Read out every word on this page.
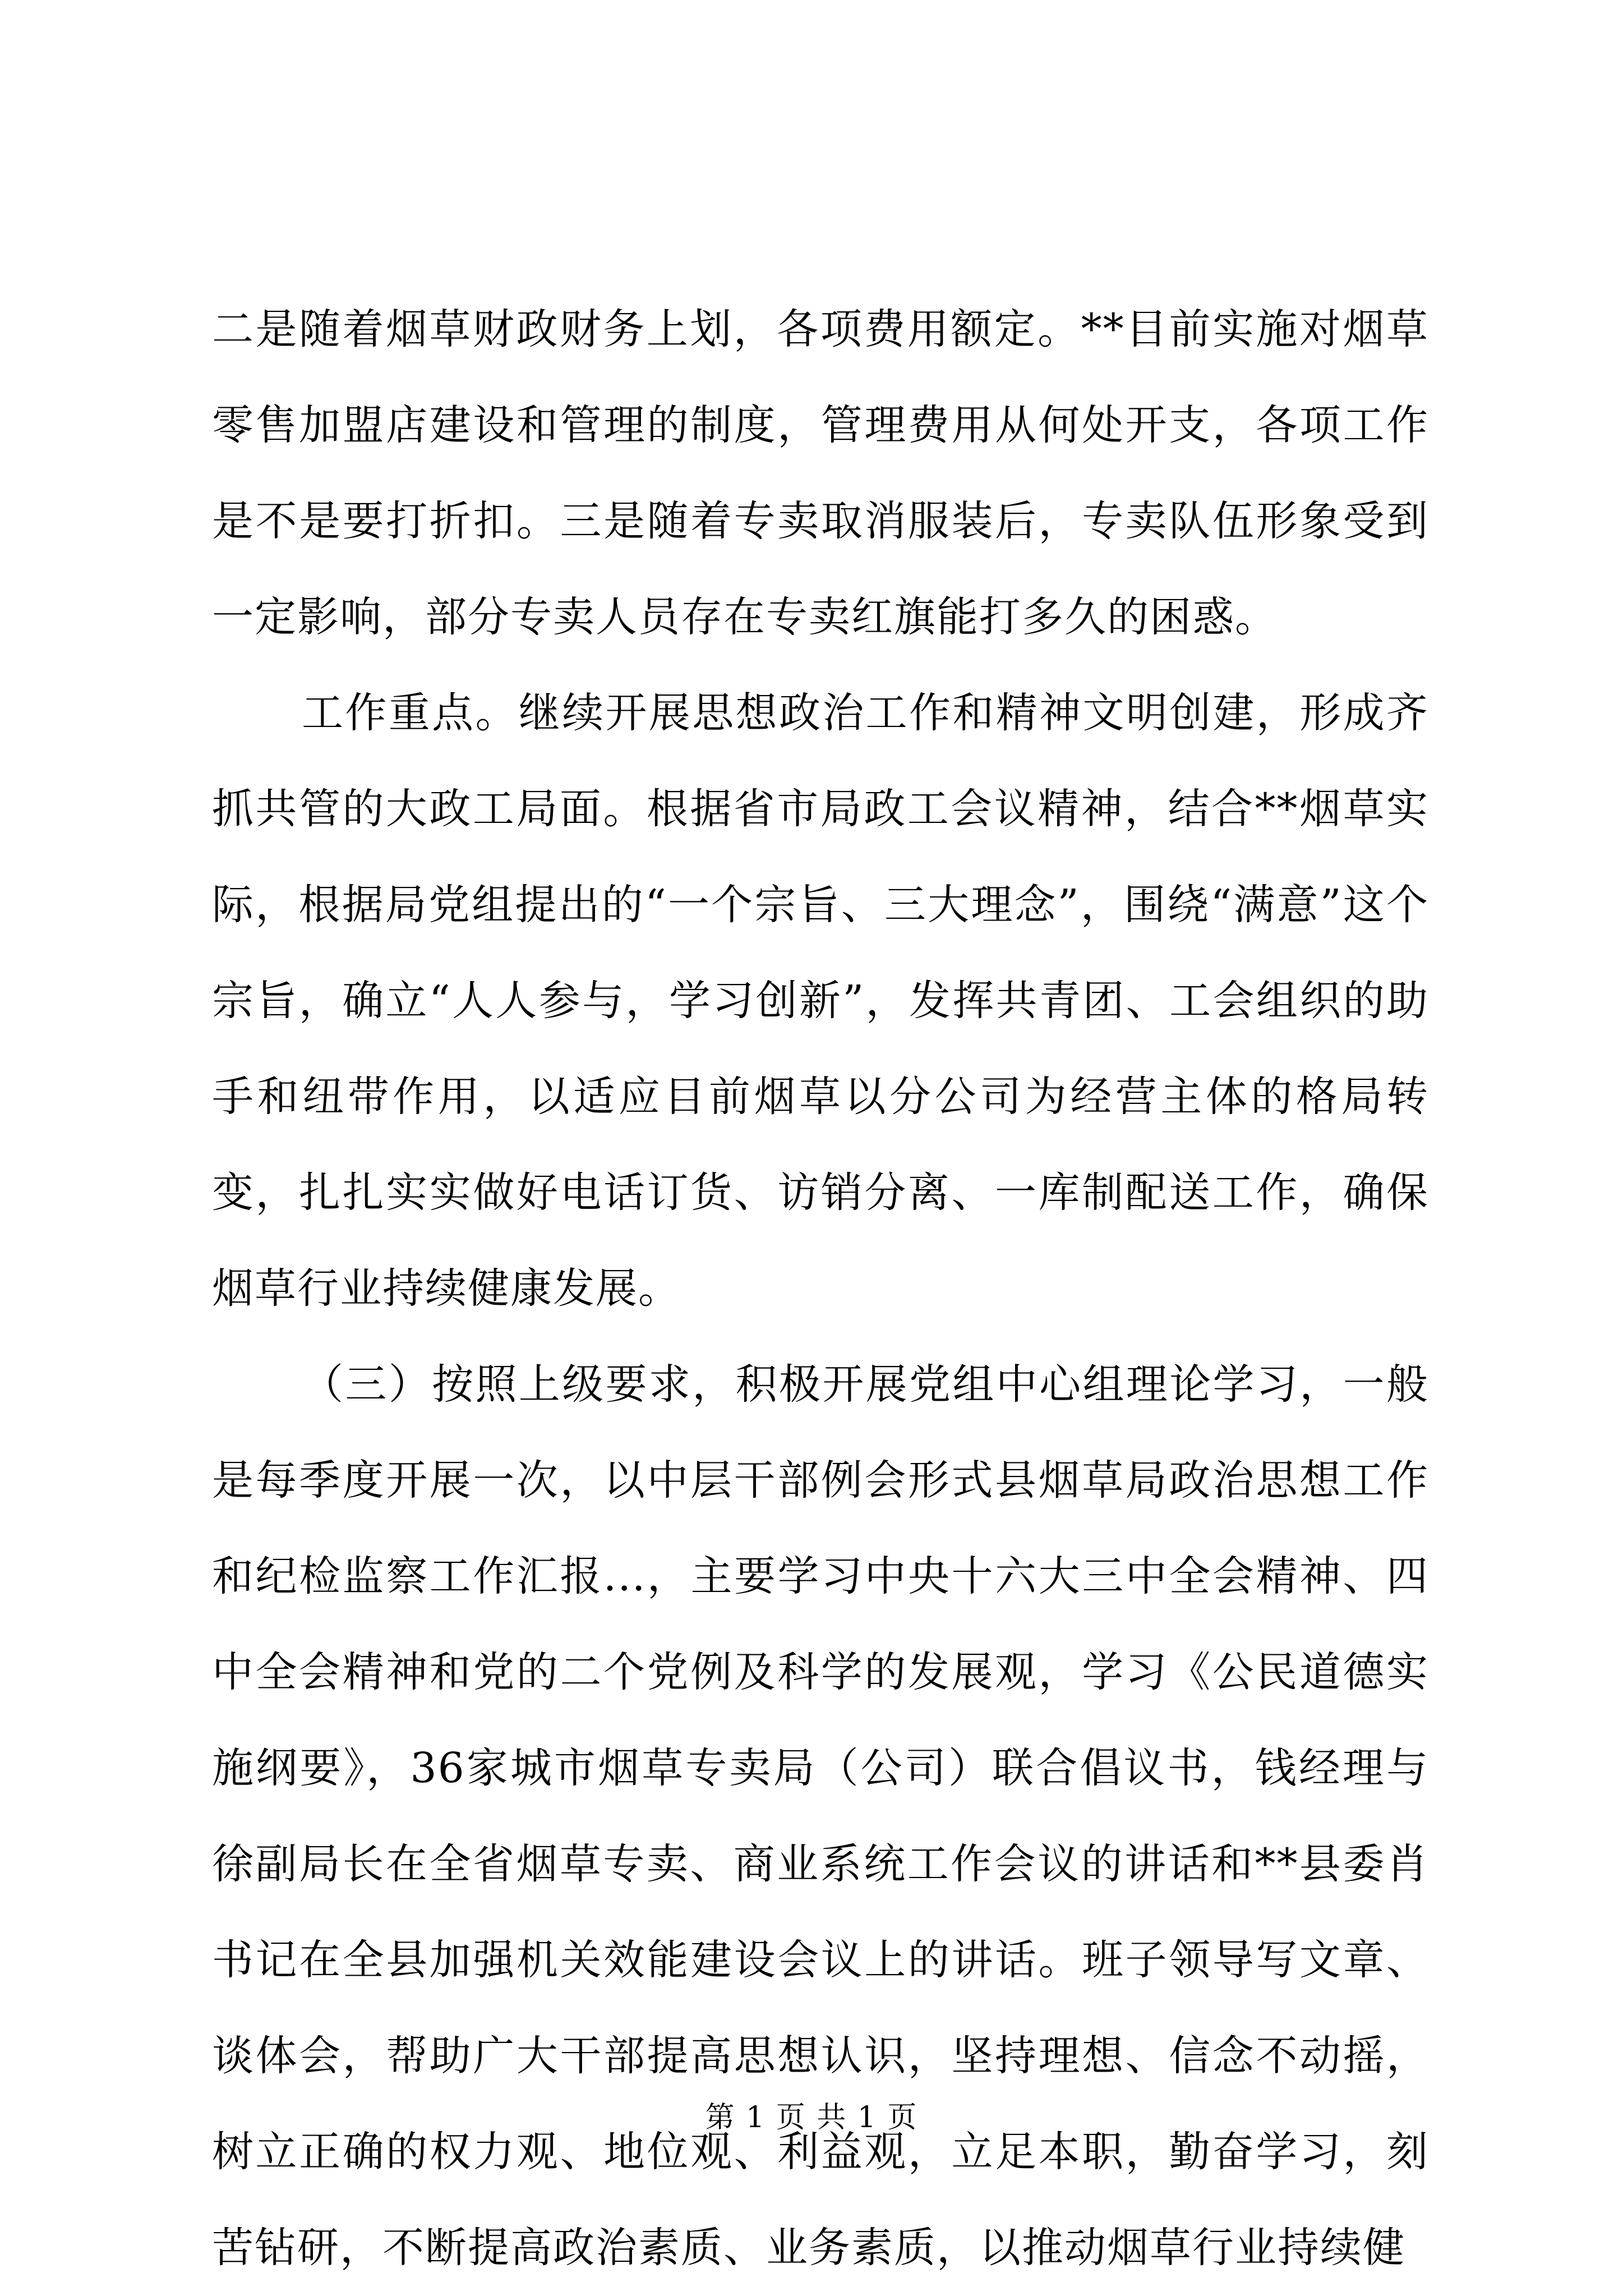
二是随着烟草财政财务上划，各项费用额定。**目前实施对烟草零售加盟店建设和管理的制度，管理费用从何处开支，各项工作是不是要打折扣。三是随着专卖取消服装后，专卖队伍形象受到一定影响，部分专卖人员存在专卖红旗能打多久的困惑。

工作重点。继续开展思想政治工作和精神文明创建，形成齐抓共管的大政工局面。根据省市局政工会议精神，结合**烟草实际，根据局党组提出的“一个宗旨、三大理念”，围绕“满意”这个宗旨，确立“人人参与，学习创新”，发挥共青团、工会组织的助手和纽带作用，以适应目前烟草以分公司为经营主体的格局转变，扎扎实实做好电话订货、访销分离、一库制配送工作，确保烟草行业持续健康发展。

（三）按照上级要求，积极开展党组中心组理论学习，一般是每季度开展一次，以中层干部例会形式县烟草局政治思想工作和纪检监察工作汇报...，主要学习中央十六大三中全会精神、四中全会精神和党的二个党例及科学的发展观，学习《公民道德实施纲要》，36家城市烟草专卖局（公司）联合倡议书，钱经理与徐副局长在全省烟草专卖、商业系统工作会议的讲话和**县委肖书记在全县加强机关效能建设会议上的讲话。班子领导写文章、谈体会，帮助广大干部提高思想认识，坚持理想、信念不动摇，树立正确的权力观、地位观、利益观，立足本职，勤奋学习，刻苦钻研，不断提高政治素质、业务素质，以推动烟草行业持续健

第 1 页 共 1 页
